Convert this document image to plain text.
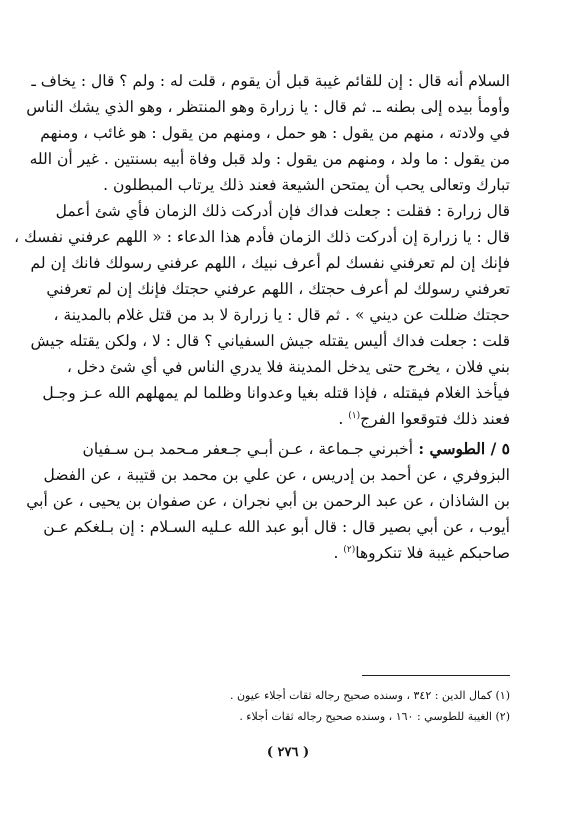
السلام أنه قال : إن للقائم غيبة قبل أن يقوم ، قلت له : ولم ؟ قال : يخاف ـ
وأومأ بيده إلى بطنه ـ. ثم قال : يا زرارة وهو المنتظر ، وهو الذي يشك الناس
في ولادته ، منهم من يقول : هو حمل ، ومنهم من يقول : هو غائب ، ومنهم
من يقول : ما ولد ، ومنهم من يقول : ولد قبل وفاة أبيه بسنتين . غير أن الله
تبارك وتعالى يحب أن يمتحن الشيعة فعند ذلك يرتاب المبطلون .
قال زرارة : فقلت : جعلت فداك فإن أدركت ذلك الزمان فأي شئ أعمل
قال : يا زرارة إن أدركت ذلك الزمان فأدم هذا الدعاء : « اللهم عرفني نفسك ،
فإنك إن لم تعرفني نفسك لم أعرف نبيك ، اللهم عرفني رسولك فانك إن لم
تعرفني رسولك لم أعرف حجتك ، اللهم عرفني حجتك فإنك إن لم تعرفني
حجتك ضللت عن ديني » . ثم قال : يا زرارة لا بد من قتل غلام بالمدينة ،
قلت : جعلت فداك أليس يقتله جيش السفياني ؟ قال : لا ، ولكن يقتله جيش
بني فلان ، يخرج حتى يدخل المدينة فلا يدري الناس في أي شئ دخل ،
فيأخذ الغلام فيقتله ، فإذا قتله بغيا وعدوانا وظلما لم يمهلهم الله عـز وجـل
فعند ذلك فتوقعوا الفرج$^{(١)}$ .
٥ / الطوسي : أخبرني جـماعة ، عـن أبـي جـعفر مـحمد بـن سـفيان
البزوفري ، عن أحمد بن إدريس ، عن علي بن محمد بن قتيبة ، عن الفضل
بن الشاذان ، عن عبد الرحمن بن أبي نجران ، عن صفوان بن يحيى ، عن أبي
أيوب ، عن أبي بصير قال : قال أبو عبد الله عـليه السـلام : إن بـلغكم عـن
صاحبكم غيبة فلا تنكروها$^{(٢)}$ .
(١) كمال الدين : ٣٤٢ ، وسنده صحيح رجاله ثقات أجلاء عيون .
(٢) الغيبة للطوسي : ١٦٠ ، وسنده صحيح رجاله ثقات أجلاء .
( ٢٧٦ )
